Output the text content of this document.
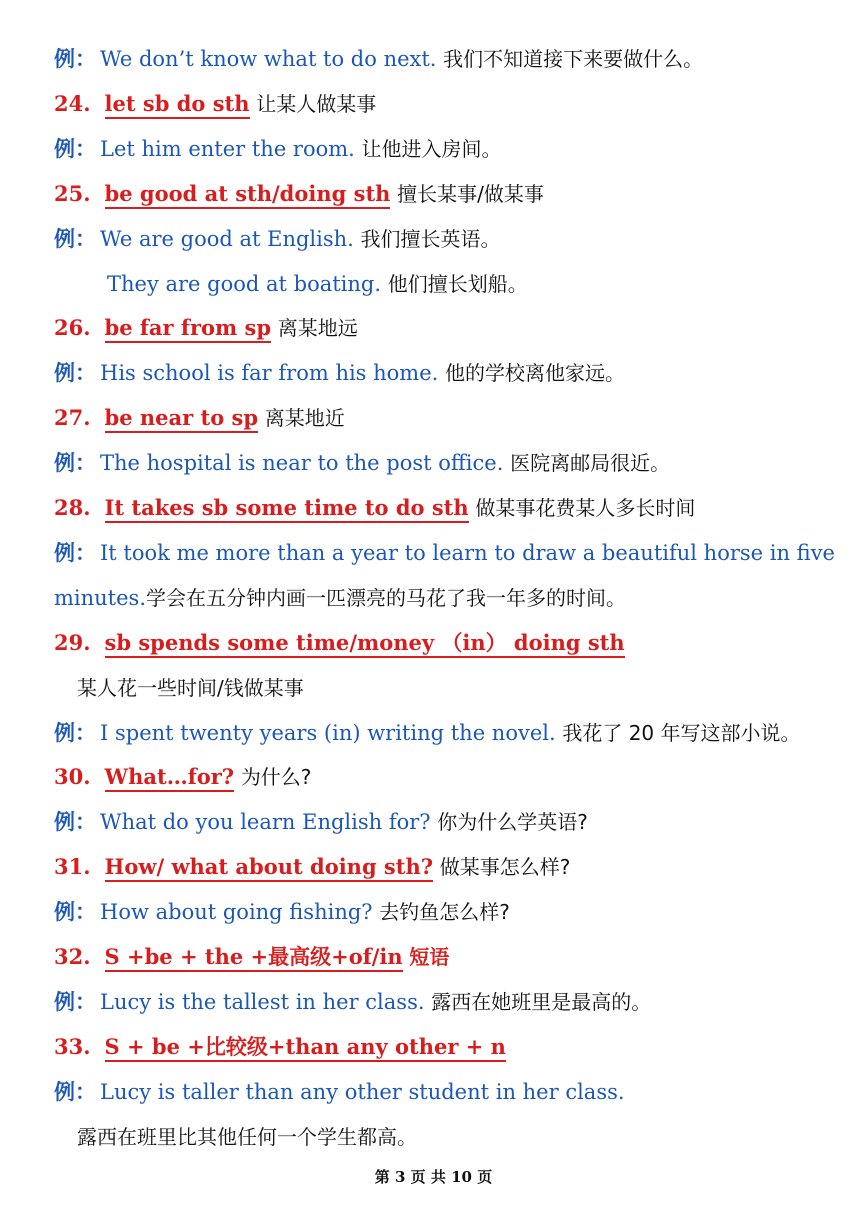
例： We don’t know what to do next. 我们不知道接下来要做什么。
24. let sb do sth 让某人做某事
例： Let him enter the room. 让他进入房间。
25. be good at sth/doing sth 擅长某事/做某事
例： We are good at English. 我们擅长英语。
They are good at boating. 他们擅长划船。
26. be far from sp 离某地远
例： His school is far from his home. 他的学校离他家远。
27. be near to sp 离某地近
例： The hospital is near to the post office. 医院离邮局很近。
28. It takes sb some time to do sth 做某事花费某人多长时间
例： It took me more than a year to learn to draw a beautiful horse in five
minutes.学会在五分钟内画一匹漂亮的马花了我一年多的时间。
29. sb spends some time/money （in） doing sth
某人花一些时间/钱做某事
例： I spent twenty years (in) writing the novel. 我花了 20 年写这部小说。
30. What…for? 为什么?
例： What do you learn English for? 你为什么学英语?
31. How/ what about doing sth? 做某事怎么样?
例： How about going fishing? 去钓鱼怎么样?
32. S +be + the +最高级+of/in 短语
例： Lucy is the tallest in her class. 露西在她班里是最高的。
33. S + be +比较级+than any other + n
例： Lucy is taller than any other student in her class.
露西在班里比其他任何一个学生都高。
第 3 页 共 10 页
